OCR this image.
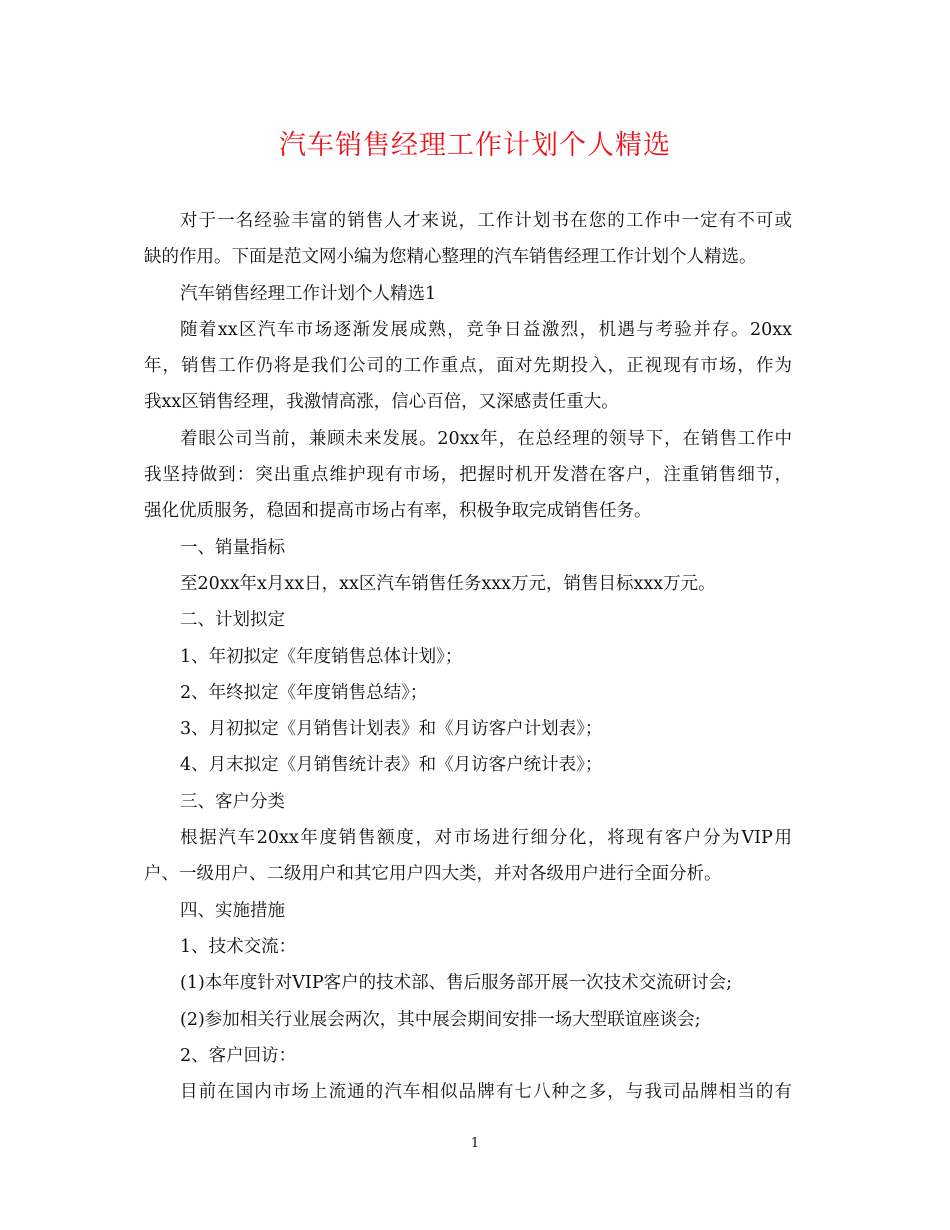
汽车销售经理工作计划个人精选
对于一名经验丰富的销售人才来说，工作计划书在您的工作中一定有不可或
缺的作用。下面是范文网小编为您精心整理的汽车销售经理工作计划个人精选。
汽车销售经理工作计划个人精选1
随着xx区汽车市场逐渐发展成熟，竞争日益激烈，机遇与考验并存。20xx
年，销售工作仍将是我们公司的工作重点，面对先期投入，正视现有市场，作为
我xx区销售经理，我激情高涨，信心百倍，又深感责任重大。
着眼公司当前，兼顾未来发展。20xx年，在总经理的领导下，在销售工作中
我坚持做到：突出重点维护现有市场，把握时机开发潜在客户，注重销售细节，
强化优质服务，稳固和提高市场占有率，积极争取完成销售任务。
一、销量指标
至20xx年x月xx日，xx区汽车销售任务xxx万元，销售目标xxx万元。
二、计划拟定
1、年初拟定《年度销售总体计划》；
2、年终拟定《年度销售总结》；
3、月初拟定《月销售计划表》和《月访客户计划表》；
4、月末拟定《月销售统计表》和《月访客户统计表》；
三、客户分类
根据汽车20xx年度销售额度，对市场进行细分化，将现有客户分为VIP用
户、一级用户、二级用户和其它用户四大类，并对各级用户进行全面分析。
四、实施措施
1、技术交流：
(1)本年度针对VIP客户的技术部、售后服务部开展一次技术交流研讨会;
(2)参加相关行业展会两次，其中展会期间安排一场大型联谊座谈会;
2、客户回访：
目前在国内市场上流通的汽车相似品牌有七八种之多，与我司品牌相当的有
1
